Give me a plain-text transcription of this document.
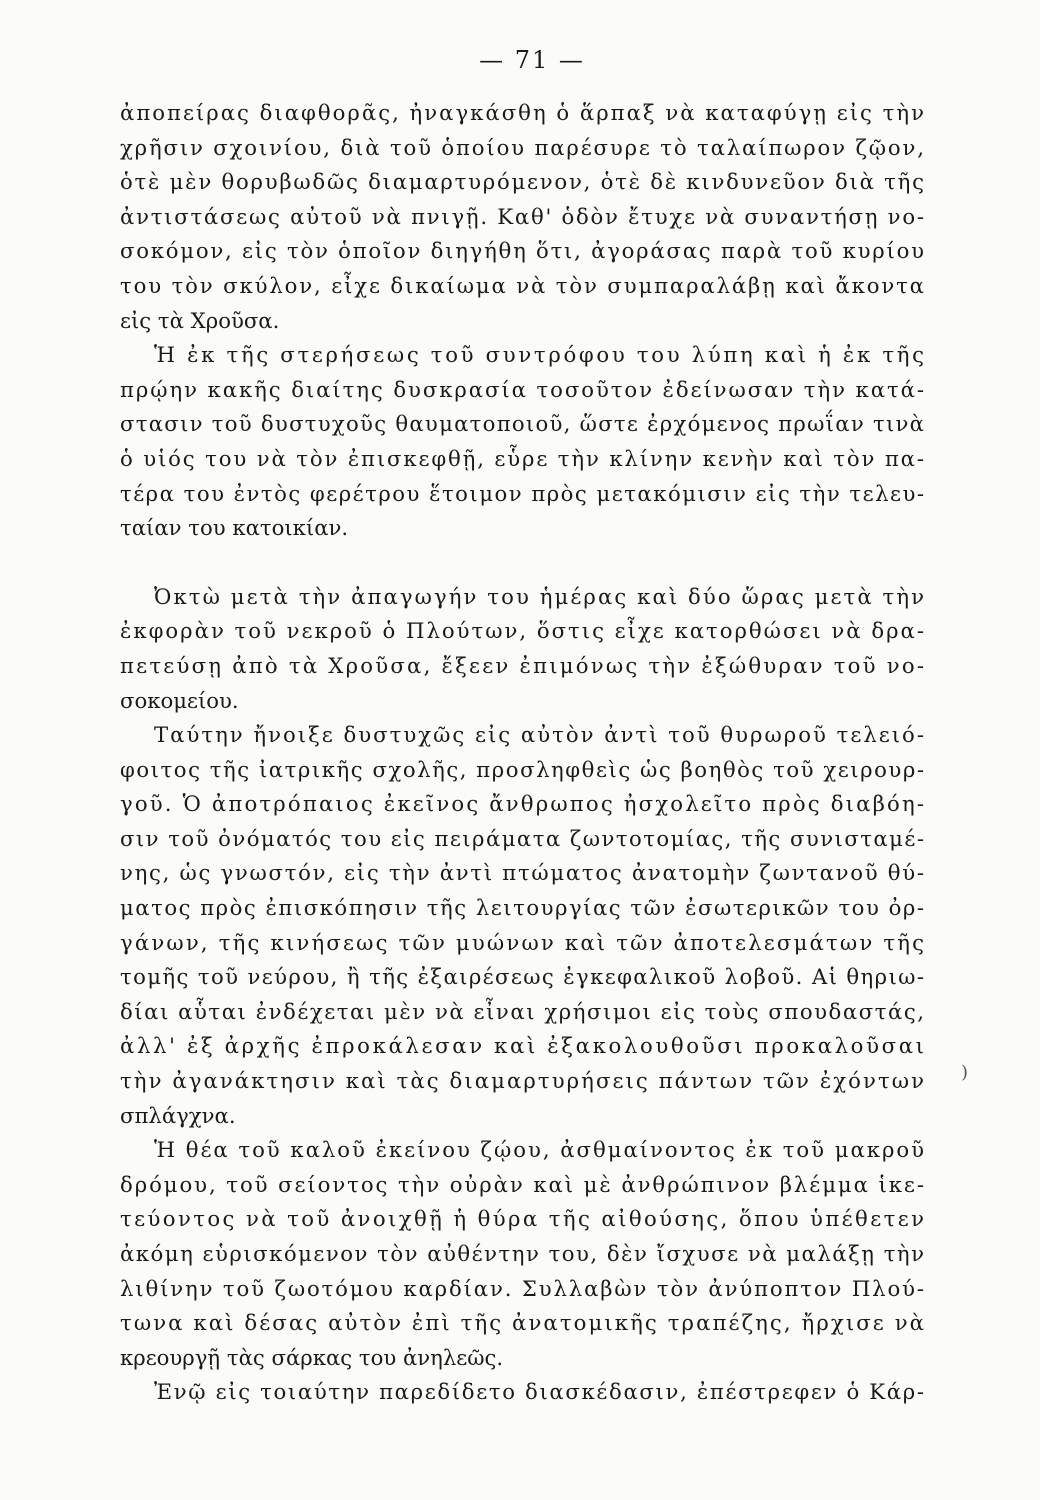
— 71 —

ἀποπείρας διαφθορᾶς, ἠναγκάσθη ὁ ἅρπαξ νὰ καταφύγῃ εἰς τὴν
χρῆσιν σχοινίου, διὰ τοῦ ὁποίου παρέσυρε τὸ ταλαίπωρον ζῷον,
ὁτὲ μὲν θορυβωδῶς διαμαρτυρόμενον, ὁτὲ δὲ κινδυνεῦον διὰ τῆς
ἀντιστάσεως αὐτοῦ νὰ πνιγῇ. Καθ' ὁδὸν ἔτυχε νὰ συναντήσῃ νο-
σοκόμον, εἰς τὸν ὁποῖον διηγήθη ὅτι, ἀγοράσας παρὰ τοῦ κυρίου
του τὸν σκύλον, εἶχε δικαίωμα νὰ τὸν συμπαραλάβῃ καὶ ἄκοντα
εἰς τὰ Χροῦσα.

Ἡ ἐκ τῆς στερήσεως τοῦ συντρόφου του λύπη καὶ ἡ ἐκ τῆς
πρῴην κακῆς διαίτης δυσκρασία τοσοῦτον ἐδείνωσαν τὴν κατά-
στασιν τοῦ δυστυχοῦς θαυματοποιοῦ, ὥστε ἐρχόμενος πρωΐαν τινὰ
ὁ υἱός του νὰ τὸν ἐπισκεφθῇ, εὗρε τὴν κλίνην κενὴν καὶ τὸν πα-
τέρα του ἐντὸς φερέτρου ἕτοιμον πρὸς μετακόμισιν εἰς τὴν τελευ-
ταίαν του κατοικίαν.

Ὀκτὼ μετὰ τὴν ἀπαγωγήν του ἡμέρας καὶ δύο ὥρας μετὰ τὴν
ἐκφορὰν τοῦ νεκροῦ ὁ Πλούτων, ὅστις εἶχε κατορθώσει νὰ δρα-
πετεύσῃ ἀπὸ τὰ Χροῦσα, ἔξεεν ἐπιμόνως τὴν ἐξώθυραν τοῦ νο-
σοκομείου.

Ταύτην ἤνοιξε δυστυχῶς εἰς αὐτὸν ἀντὶ τοῦ θυρωροῦ τελειό-
φοιτος τῆς ἰατρικῆς σχολῆς, προσληφθεὶς ὡς βοηθὸς τοῦ χειρουρ-
γοῦ. Ὁ ἀποτρόπαιος ἐκεῖνος ἄνθρωπος ἠσχολεῖτο πρὸς διαβόη-
σιν τοῦ ὀνόματός του εἰς πειράματα ζωντοτομίας, τῆς συνισταμέ-
νης, ὡς γνωστόν, εἰς τὴν ἀντὶ πτώματος ἀνατομὴν ζωντανοῦ θύ-
ματος πρὸς ἐπισκόπησιν τῆς λειτουργίας τῶν ἐσωτερικῶν του ὀρ-
γάνων, τῆς κινήσεως τῶν μυώνων καὶ τῶν ἀποτελεσμάτων τῆς
τομῆς τοῦ νεύρου, ἢ τῆς ἐξαιρέσεως ἐγκεφαλικοῦ λοβοῦ. Αἱ θηριω-
δίαι αὗται ἐνδέχεται μὲν νὰ εἶναι χρήσιμοι εἰς τοὺς σπουδαστάς,
ἀλλ' ἐξ ἀρχῆς ἐπροκάλεσαν καὶ ἐξακολουθοῦσι προκαλοῦσαι
τὴν ἀγανάκτησιν καὶ τὰς διαμαρτυρήσεις πάντων τῶν ἐχόντων
σπλάγχνα.

Ἡ θέα τοῦ καλοῦ ἐκείνου ζῴου, ἀσθμαίνοντος ἐκ τοῦ μακροῦ
δρόμου, τοῦ σείοντος τὴν οὐρὰν καὶ μὲ ἀνθρώπινον βλέμμα ἱκε-
τεύοντος νὰ τοῦ ἀνοιχθῇ ἡ θύρα τῆς αἰθούσης, ὅπου ὑπέθετεν
ἀκόμη εὑρισκόμενον τὸν αὐθέντην του, δὲν ἴσχυσε νὰ μαλάξῃ τὴν
λιθίνην τοῦ ζωοτόμου καρδίαν. Συλλαβὼν τὸν ἀνύποπτον Πλού-
τωνα καὶ δέσας αὐτὸν ἐπὶ τῆς ἀνατομικῆς τραπέζης, ἤρχισε νὰ
κρεουργῇ τὰς σάρκας του ἀνηλεῶς.

Ἐνῷ εἰς τοιαύτην παρεδίδετο διασκέδασιν, ἐπέστρεφεν ὁ Κάρ-

)
